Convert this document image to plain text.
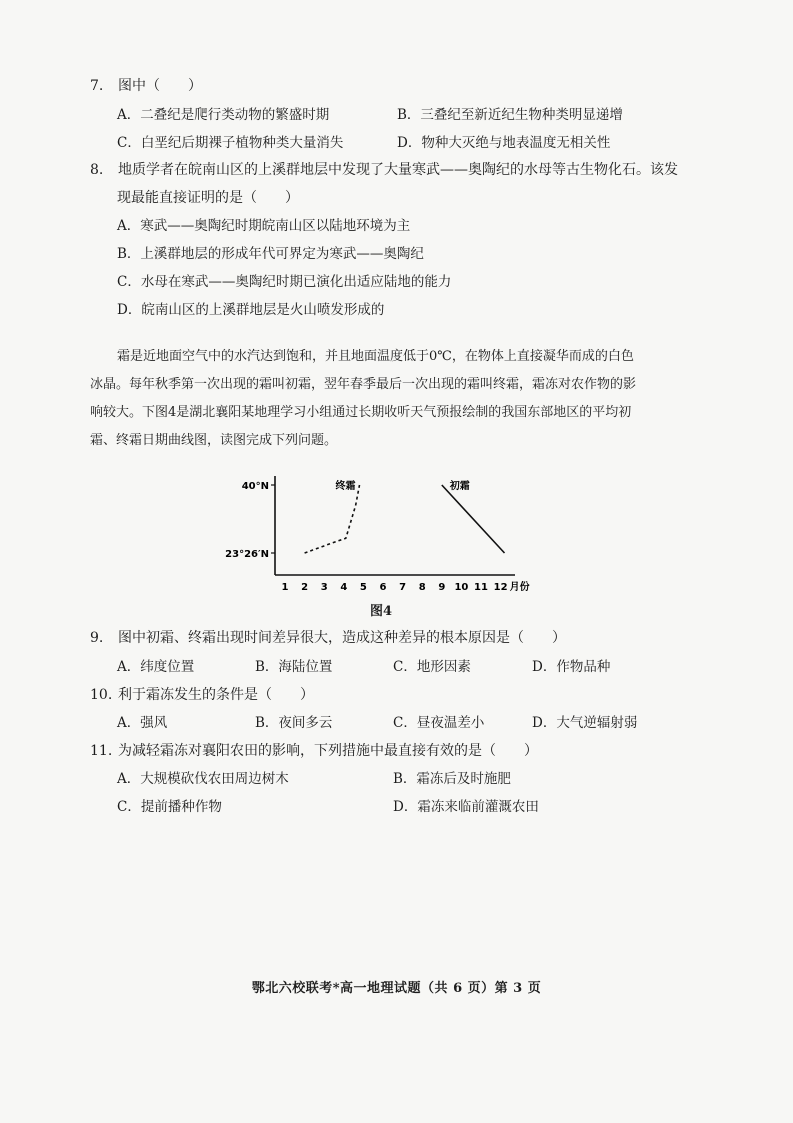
7. 图中（　　）
A．二叠纪是爬行类动物的繁盛时期	B．三叠纪至新近纪生物种类明显递增
C．白垩纪后期裸子植物种类大量消失	D．物种大灭绝与地表温度无相关性
8. 地质学者在皖南山区的上溪群地层中发现了大量寒武——奥陶纪的水母等古生物化石。该发
现最能直接证明的是（　　）
A．寒武——奥陶纪时期皖南山区以陆地环境为主
B．上溪群地层的形成年代可界定为寒武——奥陶纪
C．水母在寒武——奥陶纪时期已演化出适应陆地的能力
D．皖南山区的上溪群地层是火山喷发形成的
霜是近地面空气中的水汽达到饱和，并且地面温度低于0℃，在物体上直接凝华而成的白色
冰晶。每年秋季第一次出现的霜叫初霜，翌年春季最后一次出现的霜叫终霜，霜冻对农作物的影
响较大。下图4是湖北襄阳某地理学习小组通过长期收听天气预报绘制的我国东部地区的平均初
霜、终霜日期曲线图，读图完成下列问题。
40°N
23°26′N
1 2 3 4 5 6 7 8 9 10 11 12 月份
终霜	初霜
图4
9. 图中初霜、终霜出现时间差异很大，造成这种差异的根本原因是（　　）
A．纬度位置	B．海陆位置	C．地形因素	D．作物品种
10. 利于霜冻发生的条件是（　　）
A．强风	B．夜间多云	C．昼夜温差小	D．大气逆辐射弱
11. 为减轻霜冻对襄阳农田的影响，下列措施中最直接有效的是（　　）
A．大规模砍伐农田周边树木	B．霜冻后及时施肥
C．提前播种作物	D．霜冻来临前灌溉农田
鄂北六校联考*高一地理试题（共 6 页）第 3 页
